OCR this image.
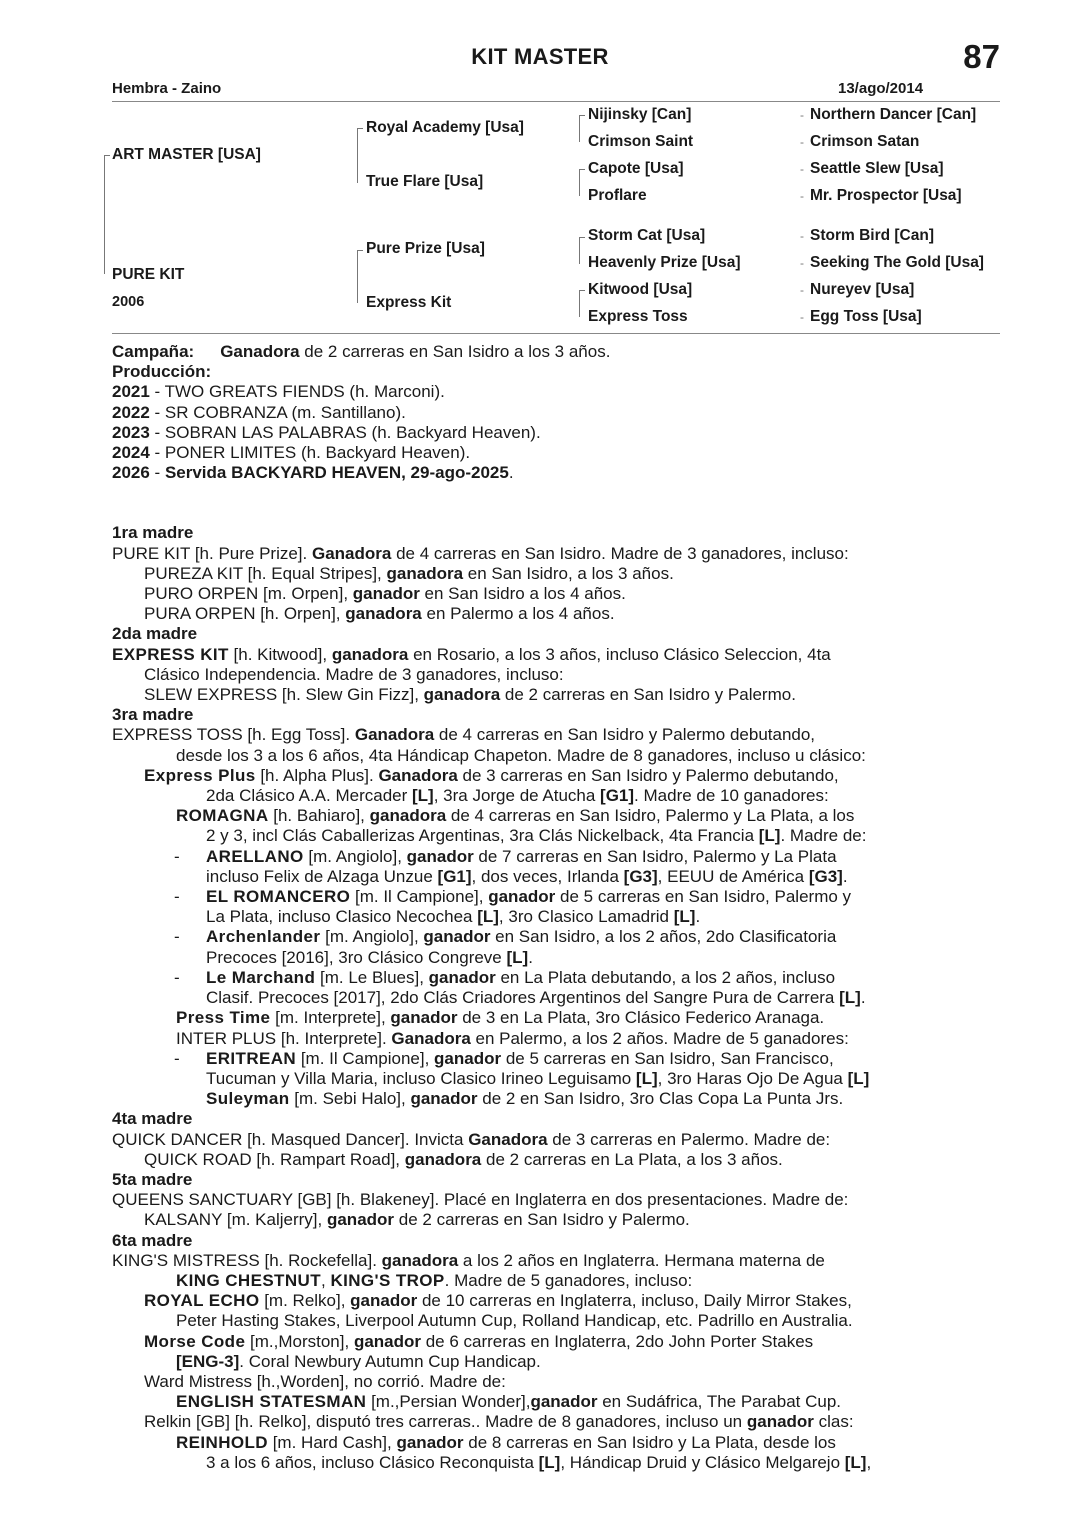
KIT MASTER	87
Hembra - Zaino	13/ago/2014
ART MASTER [USA]
PURE KIT
2006
Royal Academy [Usa]
True Flare [Usa]
Pure Prize [Usa]
Express Kit
Nijinsky [Can]
Crimson Saint
Capote [Usa]
Proflare
Storm Cat [Usa]
Heavenly Prize [Usa]
Kitwood [Usa]
Express Toss
-
-
-
-
-
-
-
-
Northern Dancer [Can]
Crimson Satan
Seattle Slew [Usa]
Mr. Prospector [Usa]
Storm Bird [Can]
Seeking The Gold [Usa]
Nureyev [Usa]
Egg Toss [Usa]

Campaña: Ganadora de 2 carreras en San Isidro a los 3 años.

Producción:

2021 - TWO GREATS FIENDS (h. Marconi).

2022 - SR COBRANZA (m. Santillano).

2023 - SOBRAN LAS PALABRAS (h. Backyard Heaven).

2024 - PONER LIMITES (h. Backyard Heaven).

2026 - Servida BACKYARD HEAVEN, 29-ago-2025.

1ra madre

PURE KIT [h. Pure Prize]. Ganadora de 4 carreras en San Isidro. Madre de 3 ganadores, incluso:

PUREZA KIT [h. Equal Stripes], ganadora en San Isidro, a los 3 años.

PURO ORPEN [m. Orpen], ganador en San Isidro a los 4 años.

PURA ORPEN [h. Orpen], ganadora en Palermo a los 4 años.

2da madre

EXPRESS KIT [h. Kitwood], ganadora en Rosario, a los 3 años, incluso Clásico Seleccion, 4ta

Clásico Independencia. Madre de 3 ganadores, incluso:

SLEW EXPRESS [h. Slew Gin Fizz], ganadora de 2 carreras en San Isidro y Palermo.

3ra madre

EXPRESS TOSS [h. Egg Toss]. Ganadora de 4 carreras en San Isidro y Palermo debutando,

desde los 3 a los 6 años, 4ta Hándicap Chapeton. Madre de 8 ganadores, incluso u clásico:

Express Plus [h. Alpha Plus]. Ganadora de 3 carreras en San Isidro y Palermo debutando,

2da Clásico A.A. Mercader [L], 3ra Jorge de Atucha [G1]. Madre de 10 ganadores:

ROMAGNA [h. Bahiaro], ganadora de 4 carreras en San Isidro, Palermo y La Plata, a los

2 y 3, incl Clás Caballerizas Argentinas, 3ra Clás Nickelback, 4ta Francia [L]. Madre de:

- ARELLANO [m. Angiolo], ganador de 7 carreras en San Isidro, Palermo y La Plata

incluso Felix de Alzaga Unzue [G1], dos veces, Irlanda [G3], EEUU de América [G3].

- EL ROMANCERO [m. Il Campione], ganador de 5 carreras en San Isidro, Palermo y

La Plata, incluso Clasico Necochea [L], 3ro Clasico Lamadrid [L].

- Archenlander [m. Angiolo], ganador en San Isidro, a los 2 años, 2do Clasificatoria

Precoces [2016], 3ro Clásico Congreve [L].

- Le Marchand [m. Le Blues], ganador en La Plata debutando, a los 2 años, incluso

Clasif. Precoces [2017], 2do Clás Criadores Argentinos del Sangre Pura de Carrera [L].

Press Time [m. Interprete], ganador de 3 en La Plata, 3ro Clásico Federico Aranaga.

INTER PLUS [h. Interprete]. Ganadora en Palermo, a los 2 años. Madre de 5 ganadores:

- ERITREAN [m. Il Campione], ganador de 5 carreras en San Isidro, San Francisco,

Tucuman y Villa Maria, incluso Clasico Irineo Leguisamo [L], 3ro Haras Ojo De Agua [L]

Suleyman [m. Sebi Halo], ganador de 2 en San Isidro, 3ro Clas Copa La Punta Jrs.

4ta madre

QUICK DANCER [h. Masqued Dancer]. Invicta Ganadora de 3 carreras en Palermo. Madre de:

QUICK ROAD [h. Rampart Road], ganadora de 2 carreras en La Plata, a los 3 años.

5ta madre

QUEENS SANCTUARY [GB] [h. Blakeney]. Placé en Inglaterra en dos presentaciones. Madre de:

KALSANY [m. Kaljerry], ganador de 2 carreras en San Isidro y Palermo.

6ta madre

KING'S MISTRESS [h. Rockefella]. ganadora a los 2 años en Inglaterra. Hermana materna de

KING CHESTNUT, KING'S TROP. Madre de 5 ganadores, incluso:

ROYAL ECHO [m. Relko], ganador de 10 carreras en Inglaterra, incluso, Daily Mirror Stakes,

Peter Hasting Stakes, Liverpool Autumn Cup, Rolland Handicap, etc. Padrillo en Australia.

Morse Code [m.,Morston], ganador de 6 carreras en Inglaterra, 2do John Porter Stakes

[ENG-3]. Coral Newbury Autumn Cup Handicap.

Ward Mistress [h.,Worden], no corrió. Madre de:

ENGLISH STATESMAN [m.,Persian Wonder],ganador en Sudáfrica, The Parabat Cup.

Relkin [GB] [h. Relko], disputó tres carreras.. Madre de 8 ganadores, incluso un ganador clas:

REINHOLD [m. Hard Cash], ganador de 8 carreras en San Isidro y La Plata, desde los

3 a los 6 años, incluso Clásico Reconquista [L], Hándicap Druid y Clásico Melgarejo [L],
